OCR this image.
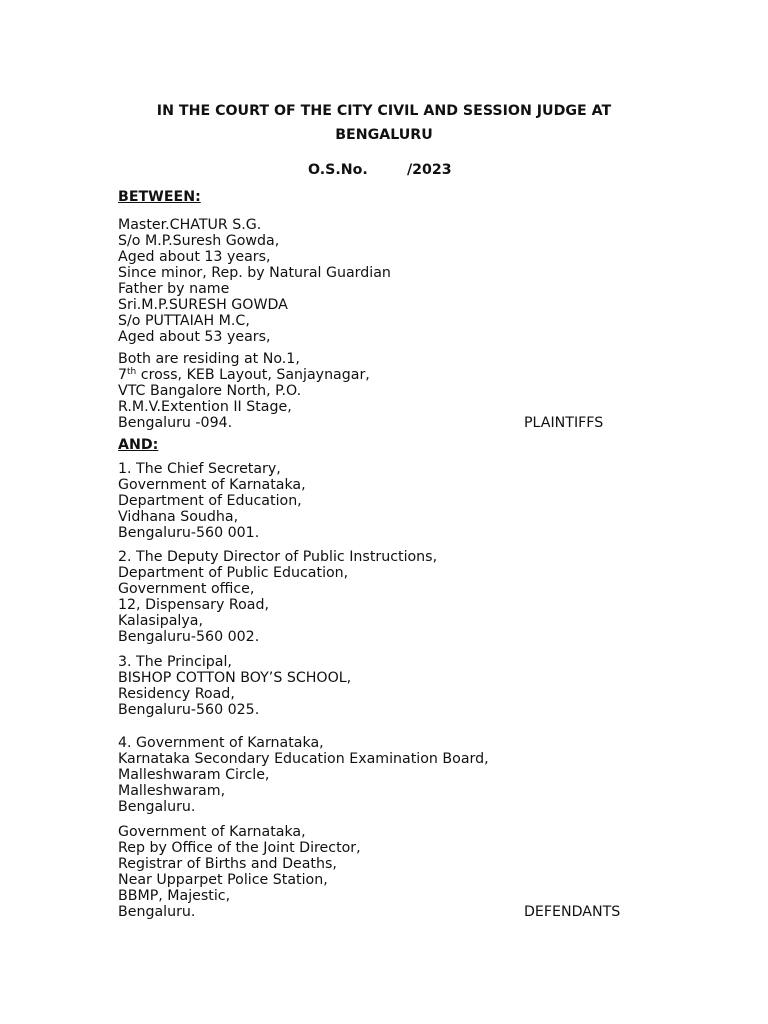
IN THE COURT OF THE CITY CIVIL AND SESSION JUDGE AT
BENGALURU
O.S.No.	/2023
BETWEEN:
Master.CHATUR S.G.
S/o M.P.Suresh Gowda,
Aged about 13 years,
Since minor, Rep. by Natural Guardian
Father by name
Sri.M.P.SURESH GOWDA
S/o PUTTAIAH M.C,
Aged about 53 years,
Both are residing at No.1,
7th cross, KEB Layout, Sanjaynagar,
VTC Bangalore North, P.O.
R.M.V.Extention II Stage,
Bengaluru -094.	PLAINTIFFS
AND:
1. The Chief Secretary,
Government of Karnataka,
Department of Education,
Vidhana Soudha,
Bengaluru-560 001.
2. The Deputy Director of Public Instructions,
Department of Public Education,
Government office,
12, Dispensary Road,
Kalasipalya,
Bengaluru-560 002.
3. The Principal,
BISHOP COTTON BOY’S SCHOOL,
Residency Road,
Bengaluru-560 025.
4. Government of Karnataka,
Karnataka Secondary Education Examination Board,
Malleshwaram Circle,
Malleshwaram,
Bengaluru.
Government of Karnataka,
Rep by Office of the Joint Director,
Registrar of Births and Deaths,
Near Upparpet Police Station,
BBMP, Majestic,
Bengaluru.	DEFENDANTS
